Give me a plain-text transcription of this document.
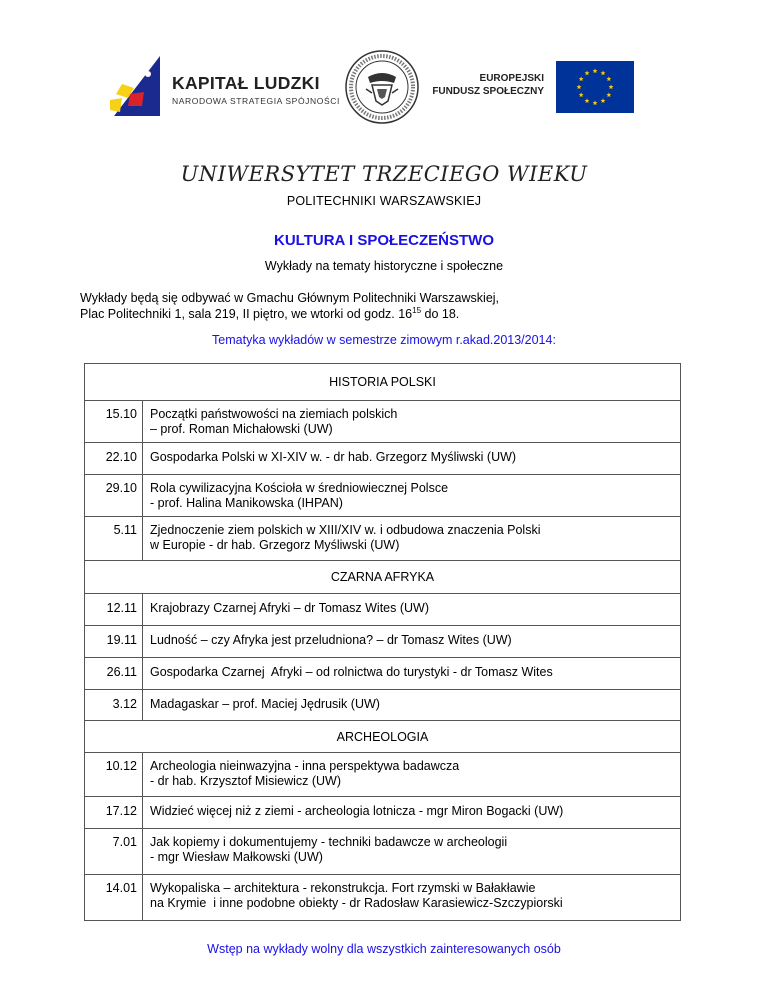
KAPITAŁ LUDZKI
NARODOWA STRATEGIA SPÓJNOŚCI
EUROPEJSKI
FUNDUSZ SPOŁECZNY
UNIWERSYTET TRZECIEGO WIEKU
POLITECHNIKI WARSZAWSKIEJ
KULTURA I SPOŁECZEŃSTWO
Wykłady na tematy historyczne i społeczne

Wykłady będą się odbywać w Gmachu Głównym Politechniki Warszawskiej,

Plac Politechniki 1, sala 219, II piętro, we wtorki od godz. $16^{15}$ do 18.

Tematyka wykładów w semestrze zimowym r.akad.2013/2014:
HISTORIA POLSKI	
15.10	Początki państwowości na ziemiach polskich
– prof. Roman Michałowski (UW)

22.10	Gospodarka Polski w XI-XIV w. - dr hab. Grzegorz Myśliwski (UW)

29.10	Rola cywilizacyjna Kościoła w średniowiecznej Polsce
- prof. Halina Manikowska (IHPAN)

5.11	Zjednoczenie ziem polskich w XIII/XIV w. i odbudowa znaczenia Polski
w Europie - dr hab. Grzegorz Myśliwski (UW)

CZARNA AFRYKA	
12.11	Krajobrazy Czarnej Afryki – dr Tomasz Wites (UW)

19.11	Ludność – czy Afryka jest przeludniona? – dr Tomasz Wites (UW)

26.11	Gospodarka Czarnej  Afryki – od rolnictwa do turystyki - dr Tomasz Wites

3.12	Madagaskar – prof. Maciej Jędrusik (UW)

ARCHEOLOGIA	
10.12	Archeologia nieinwazyjna - inna perspektywa badawcza
- dr hab. Krzysztof Misiewicz (UW)

17.12	Widzieć więcej niż z ziemi - archeologia lotnicza - mgr Miron Bogacki (UW)

7.01	Jak kopiemy i dokumentujemy - techniki badawcze w archeologii
- mgr Wiesław Małkowski (UW)

14.01	Wykopaliska – architektura - rekonstrukcja. Fort rzymski w Bałakławie
na Krymie  i inne podobne obiekty - dr Radosław Karasiewicz-Szczypiorski
Wstęp na wykłady wolny dla wszystkich zainteresowanych osób
